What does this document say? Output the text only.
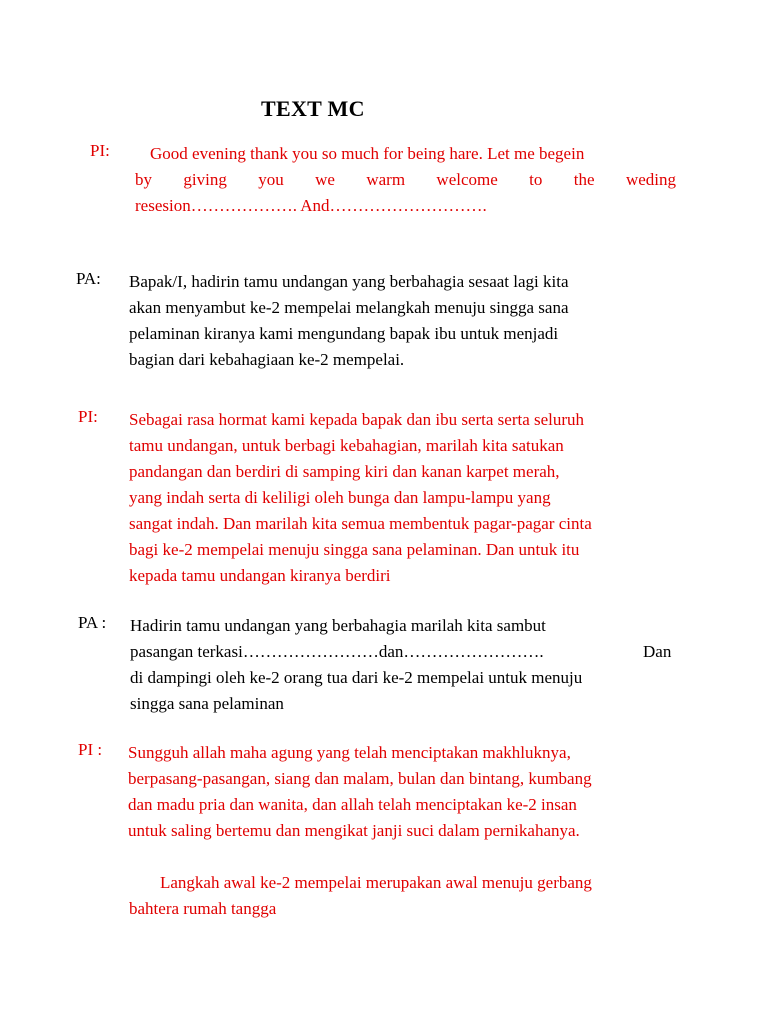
TEXT MC
PI:	Good evening thank you so much for being hare. Let me begein
by giving you we warm welcome to the weding
resesion………………. And……………………….
PA: Bapak/I, hadirin tamu undangan yang berbahagia sesaat lagi kita
akan menyambut ke-2 mempelai melangkah menuju singga sana
pelaminan kiranya kami mengundang bapak ibu untuk menjadi
bagian dari kebahagiaan ke-2 mempelai.
PI: Sebagai rasa hormat kami kepada bapak dan ibu serta serta seluruh
tamu undangan, untuk berbagi kebahagian, marilah kita satukan
pandangan dan berdiri di samping kiri dan kanan karpet merah,
yang indah serta di keliligi oleh bunga dan lampu-lampu yang
sangat indah. Dan marilah kita semua membentuk pagar-pagar cinta
bagi ke-2 mempelai menuju singga sana pelaminan. Dan untuk itu
kepada tamu undangan kiranya berdiri
PA : Hadirin tamu undangan yang berbahagia marilah kita sambut
pasangan terkasi……………………dan…………………….	Dan
di dampingi oleh ke-2 orang tua dari ke-2 mempelai untuk menuju
singga sana pelaminan
PI : Sungguh allah maha agung yang telah menciptakan makhluknya,
berpasang-pasangan, siang dan malam, bulan dan bintang, kumbang
dan madu pria dan wanita, dan allah telah menciptakan ke-2 insan
untuk saling bertemu dan mengikat janji suci dalam pernikahanya.
Langkah awal ke-2 mempelai merupakan awal menuju gerbang
bahtera rumah tangga
